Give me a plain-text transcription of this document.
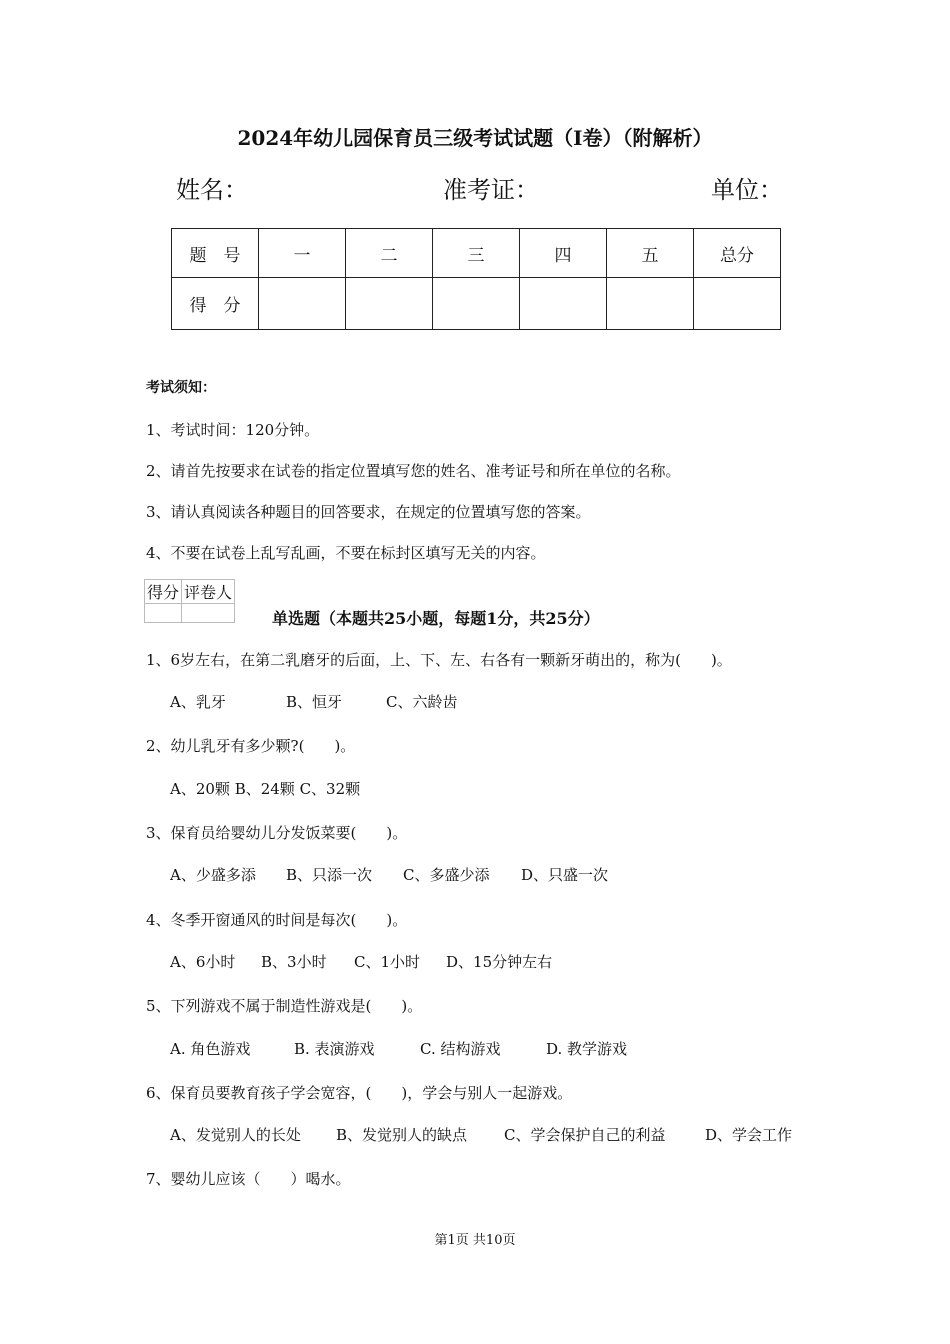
2024年幼儿园保育员三级考试试题（I卷）（附解析）
姓名：	准考证：	单位：
题　号	一	二	三	四	五	总分
得　分						
考试须知：
1、考试时间：120分钟。
2、请首先按要求在试卷的指定位置填写您的姓名、准考证号和所在单位的名称。
3、请认真阅读各种题目的回答要求，在规定的位置填写您的答案。
4、不要在试卷上乱写乱画，不要在标封区填写无关的内容。
得分	评卷人

单选题（本题共25小题，每题1分，共25分）
1、6岁左右，在第二乳磨牙的后面，上、下、左、右各有一颗新牙萌出的，称为(　　)。
A、乳牙	B、恒牙	C、六龄齿
2、幼儿乳牙有多少颗?(　　)。
A、20颗 B、24颗 C、32颗
3、保育员给婴幼儿分发饭菜要(　　)。
A、少盛多添 B、只添一次 C、多盛少添 D、只盛一次
4、冬季开窗通风的时间是每次(　　)。
A、6小时 B、3小时 C、1小时 D、15分钟左右
5、下列游戏不属于制造性游戏是(　　)。
A. 角色游戏	B. 表演游戏	C. 结构游戏	D. 教学游戏
6、保育员要教育孩子学会宽容，(　　)，学会与别人一起游戏。
A、发觉别人的长处 B、发觉别人的缺点 C、学会保护自己的利益	D、学会工作
7、婴幼儿应该（　　）喝水。
第1页 共10页
